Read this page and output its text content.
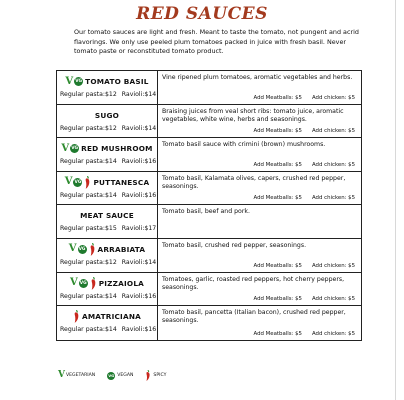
RED SAUCES

Our tomato sauces are light and fresh. Meant to taste the tomato, not pungent and acrid flavorings. We only use peeled plum tomatoes packed in juice with fresh basil. Never tomato paste or reconstituted tomato product.

V VG TOMATO BASIL
Regular pasta:$12 Ravioli:$14
Vine ripened plum tomatoes, aromatic vegetables and herbs.
Add Meatballs: $5 Add chicken: $5
SUGO
Regular pasta:$12 Ravioli:$14
Braising juices from veal short ribs: tomato juice, aromatic vegetables, white wine, herbs and seasonings.
Add Meatballs: $5 Add chicken: $5
V VG RED MUSHROOM
Regular pasta:$14 Ravioli:$16
Tomato basil sauce with crimini (brown) mushrooms.
Add Meatballs: $5 Add chicken: $5
V VG PUTTANESCA
Regular pasta:$14 Ravioli:$16
Tomato basil, Kalamata olives, capers, crushed red pepper, seasonings.
Add Meatballs: $5 Add chicken: $5
MEAT SAUCE
Regular pasta:$15 Ravioli:$17
Tomato basil, beef and pork.
V VG ARRABIATA
Regular pasta:$12 Ravioli:$14
Tomato basil, crushed red pepper, seasonings.
Add Meatballs: $5 Add chicken: $5
V VG PIZZAIOLA
Regular pasta:$14 Ravioli:$16
Tomatoes, garlic, roasted red peppers, hot cherry peppers, seasonings.
Add Meatballs: $5 Add chicken: $5
AMATRICIANA
Regular pasta:$14 Ravioli:$16
Tomato basil, pancetta (Italian bacon), crushed red pepper, seasonings.
Add Meatballs: $5 Add chicken: $5
V VEGETARIAN	VG VEGAN	SPICY
